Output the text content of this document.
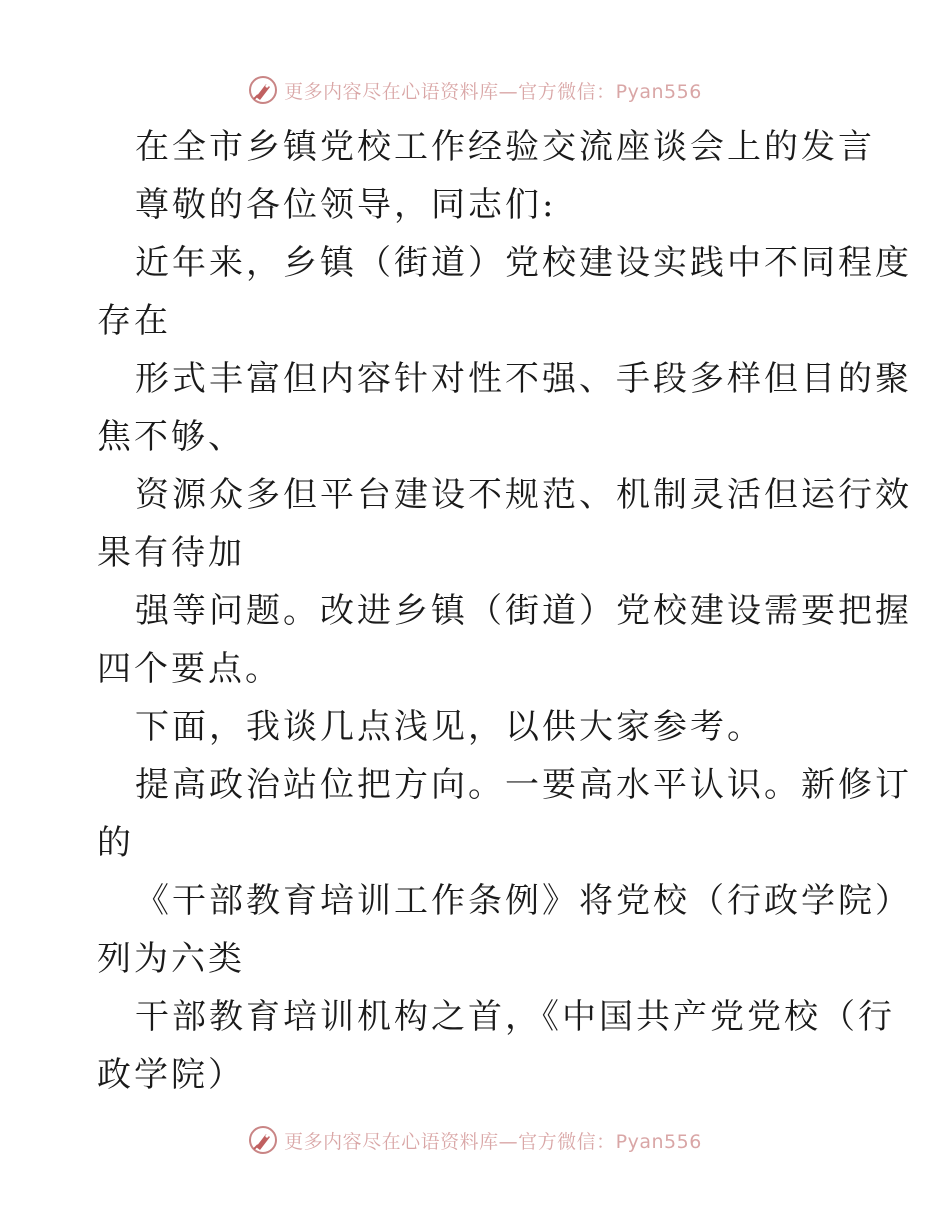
更多内容尽在心语资料库—官方微信：Pyan556
在全市乡镇党校工作经验交流座谈会上的发言
尊敬的各位领导，同志们:
近年来，乡镇（街道）党校建设实践中不同程度
存在
形式丰富但内容针对性不强、手段多样但目的聚
焦不够、
资源众多但平台建设不规范、机制灵活但运行效
果有待加
强等问题。改进乡镇（街道）党校建设需要把握
四个要点。
下面，我谈几点浅见，以供大家参考。
提高政治站位把方向。一要高水平认识。新修订
的
《干部教育培训工作条例》将党校（行政学院）
列为六类
干部教育培训机构之首，《中国共产党党校（行
政学院）
更多内容尽在心语资料库—官方微信：Pyan556
